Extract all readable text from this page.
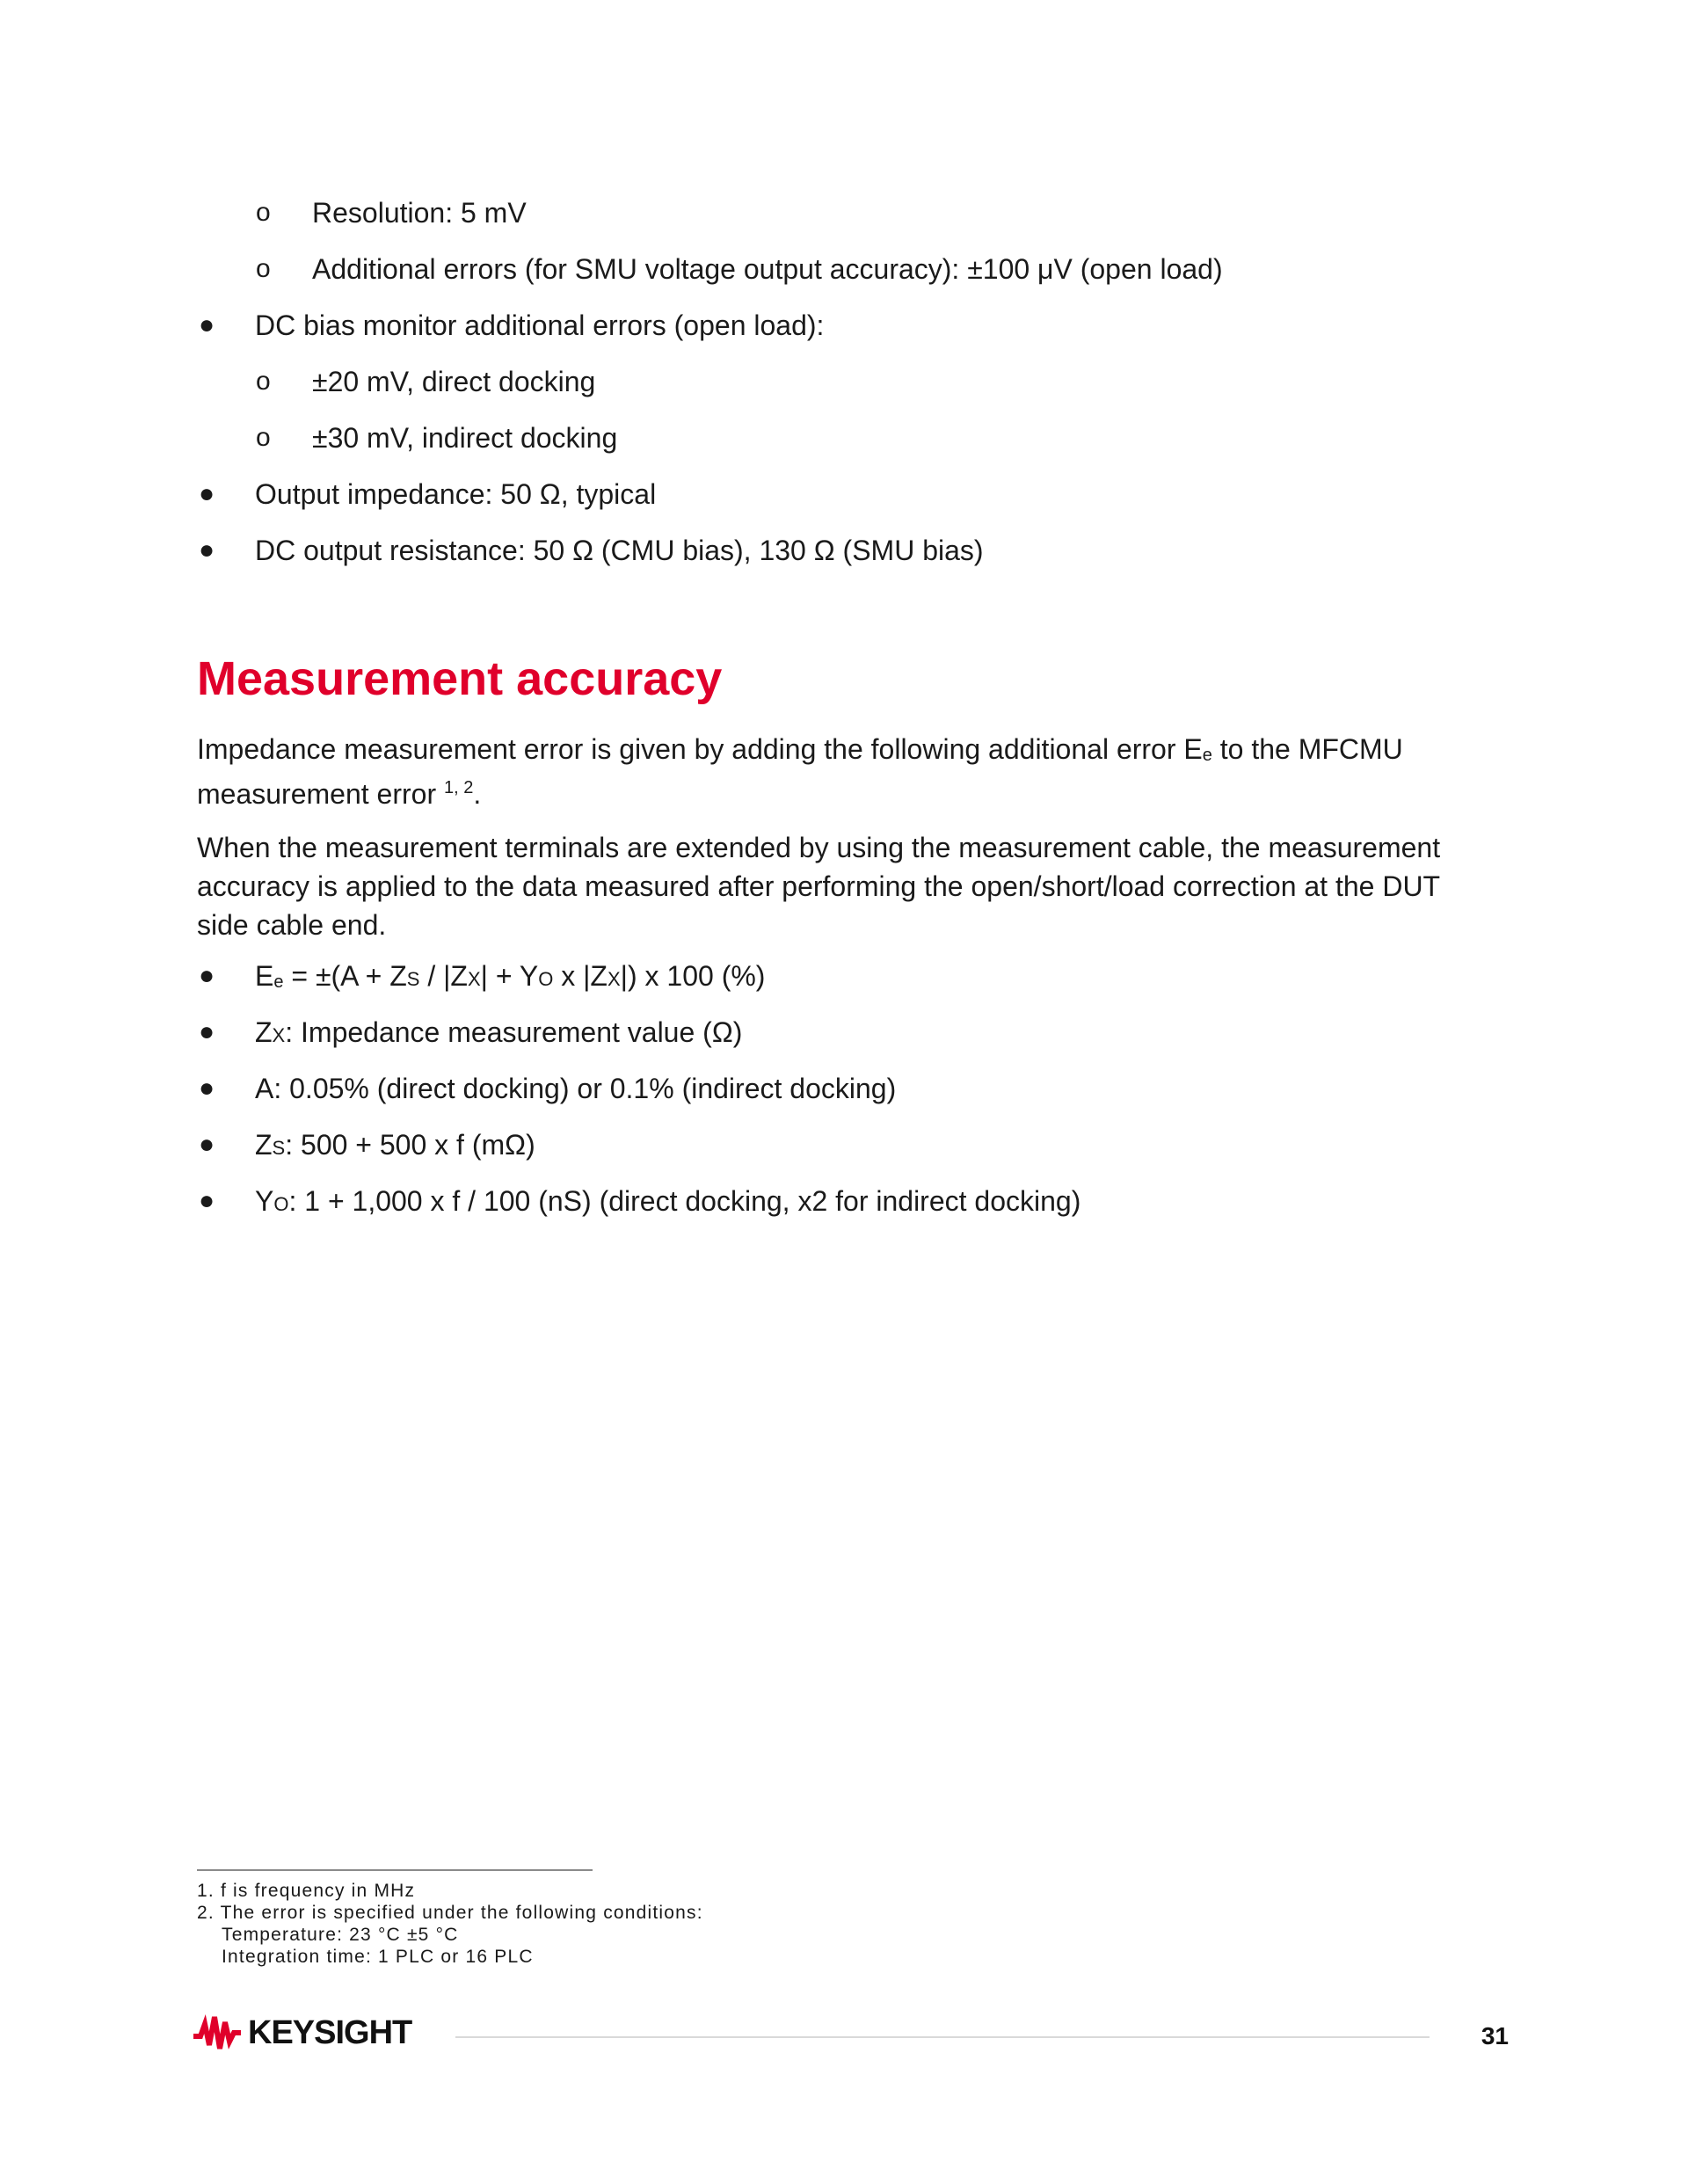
o Resolution: 5 mV
o Additional errors (for SMU voltage output accuracy): ±100 μV (open load)
● DC bias monitor additional errors (open load):
o ±20 mV, direct docking
o ±30 mV, indirect docking
● Output impedance: 50 Ω, typical
● DC output resistance: 50 Ω (CMU bias), 130 Ω (SMU bias)
Measurement accuracy

Impedance measurement error is given by adding the following additional error $E_e$ to the MFCMU measurement error $^{1, 2}$.

When the measurement terminals are extended by using the measurement cable, the measurement accuracy is applied to the data measured after performing the open/short/load correction at the DUT side cable end.

● $E_e = \pm(A$ + ZS / |ZX| + YO x |ZX|) x 100 (%)
● ZX: Impedance measurement value (Ω)
● A: 0.05% (direct docking) or 0.1% (indirect docking)
● ZS: 500 + 500 x f (mΩ)
● YO: 1 + 1,000 x f / 100 (nS) (direct docking, x2 for indirect docking)
1. f is frequency in MHz
2. The error is specified under the following conditions:
Temperature: 23 °C ±5 °C
Integration time: 1 PLC or 16 PLC
KEYSIGHT	31
